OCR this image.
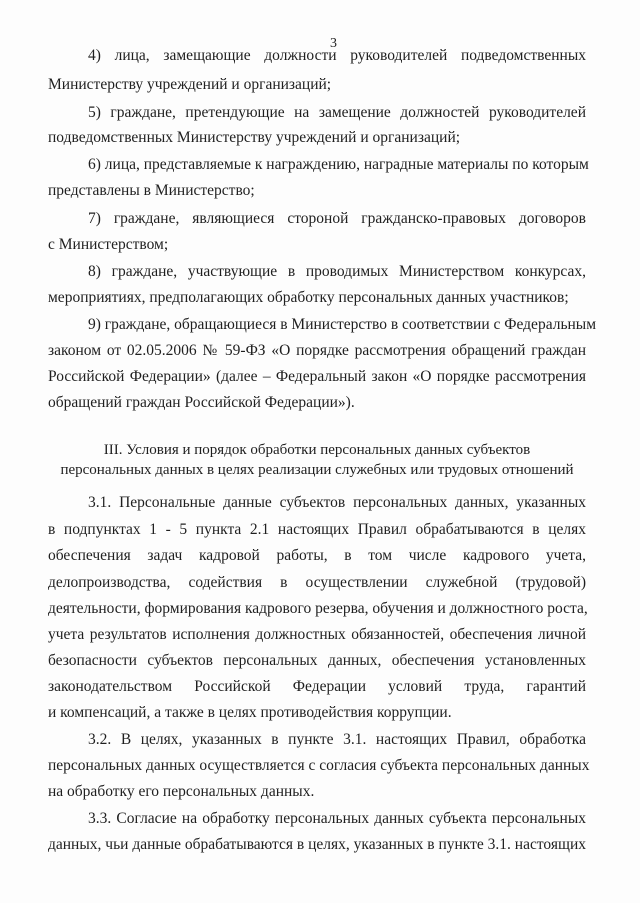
3
4) лица, замещающие должности руководителей подведомственных
Министерству учреждений и организаций;
5) граждане, претендующие на замещение должностей руководителей
подведомственных Министерству учреждений и организаций;
6) лица, представляемые к награждению, наградные материалы по которым
представлены в Министерство;
7) граждане, являющиеся стороной гражданско-правовых договоров
с Министерством;
8) граждане, участвующие в проводимых Министерством конкурсах,
мероприятиях, предполагающих обработку персональных данных участников;
9) граждане, обращающиеся в Министерство в соответствии с Федеральным
законом от 02.05.2006 № 59-ФЗ «О порядке рассмотрения обращений граждан
Российской Федерации» (далее – Федеральный закон «О порядке рассмотрения
обращений граждан Российской Федерации»).
III. Условия и порядок обработки персональных данных субъектов
персональных данных в целях реализации служебных или трудовых отношений
3.1. Персональные данные субъектов персональных данных, указанных
в подпунктах 1 - 5 пункта 2.1 настоящих Правил обрабатываются в целях
обеспечения задач кадровой работы, в том числе кадрового учета,
делопроизводства, содействия в осуществлении служебной (трудовой)
деятельности, формирования кадрового резерва, обучения и должностного роста,
учета результатов исполнения должностных обязанностей, обеспечения личной
безопасности субъектов персональных данных, обеспечения установленных
законодательством Российской Федерации условий труда, гарантий
и компенсаций, а также в целях противодействия коррупции.
3.2. В целях, указанных в пункте 3.1. настоящих Правил, обработка
персональных данных осуществляется с согласия субъекта персональных данных
на обработку его персональных данных.
3.3. Согласие на обработку персональных данных субъекта персональных
данных, чьи данные обрабатываются в целях, указанных в пункте 3.1. настоящих
